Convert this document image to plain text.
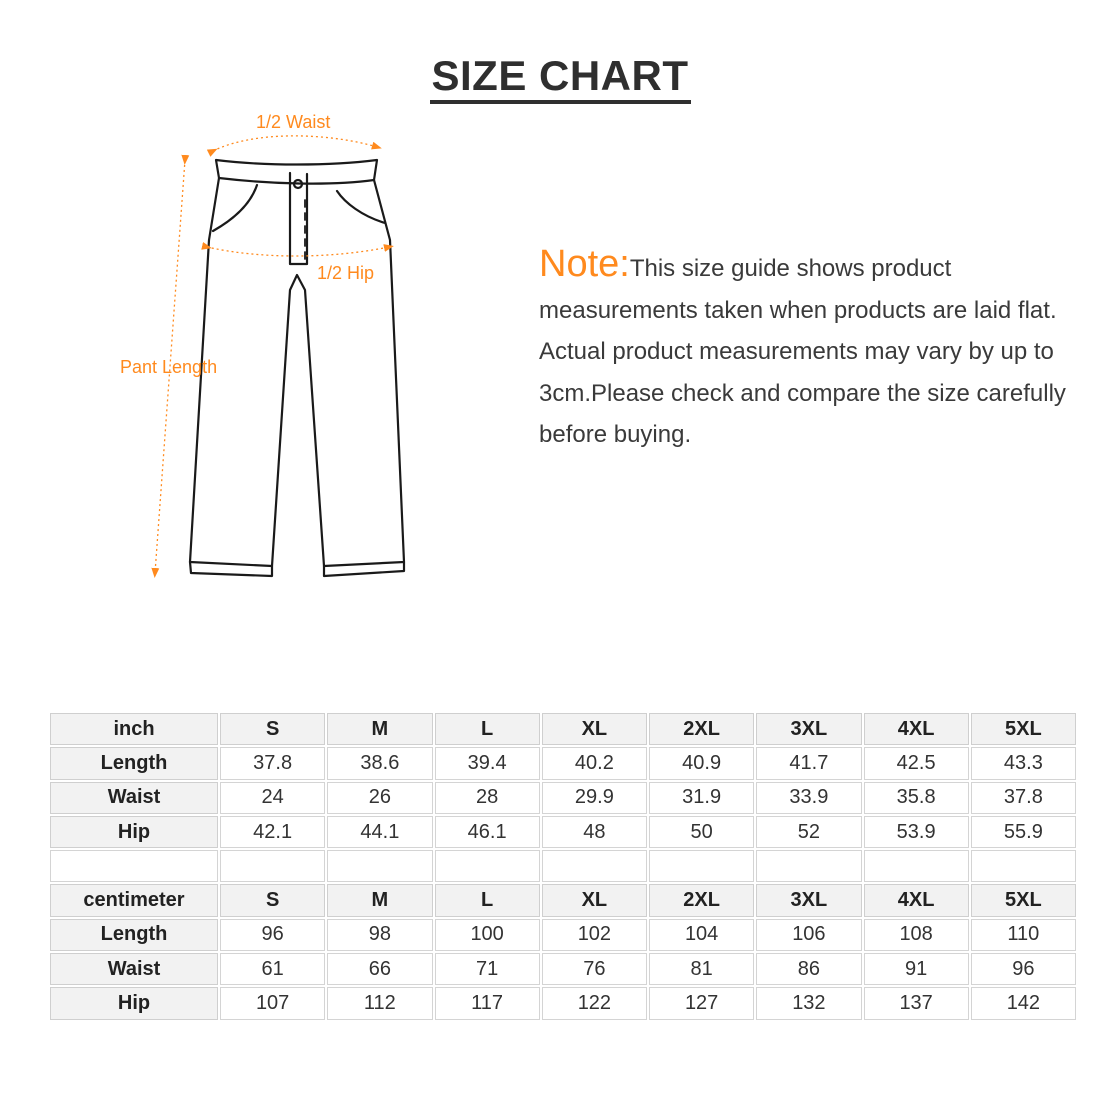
SIZE CHART
1/2 Waist
1/2 Hip
Pant Length
Note:This size guide shows product measurements taken when products are laid flat. Actual product measurements may vary by up to 3cm.Please check and compare the size carefully before buying.
inch	S	M	L	XL	2XL	3XL	4XL	5XL
Length	37.8	38.6	39.4	40.2	40.9	41.7	42.5	43.3
Waist	24	26	28	29.9	31.9	33.9	35.8	37.8
Hip	42.1	44.1	46.1	48	50	52	53.9	55.9

centimeter	S	M	L	XL	2XL	3XL	4XL	5XL
Length	96	98	100	102	104	106	108	110
Waist	61	66	71	76	81	86	91	96
Hip	107	112	117	122	127	132	137	142
